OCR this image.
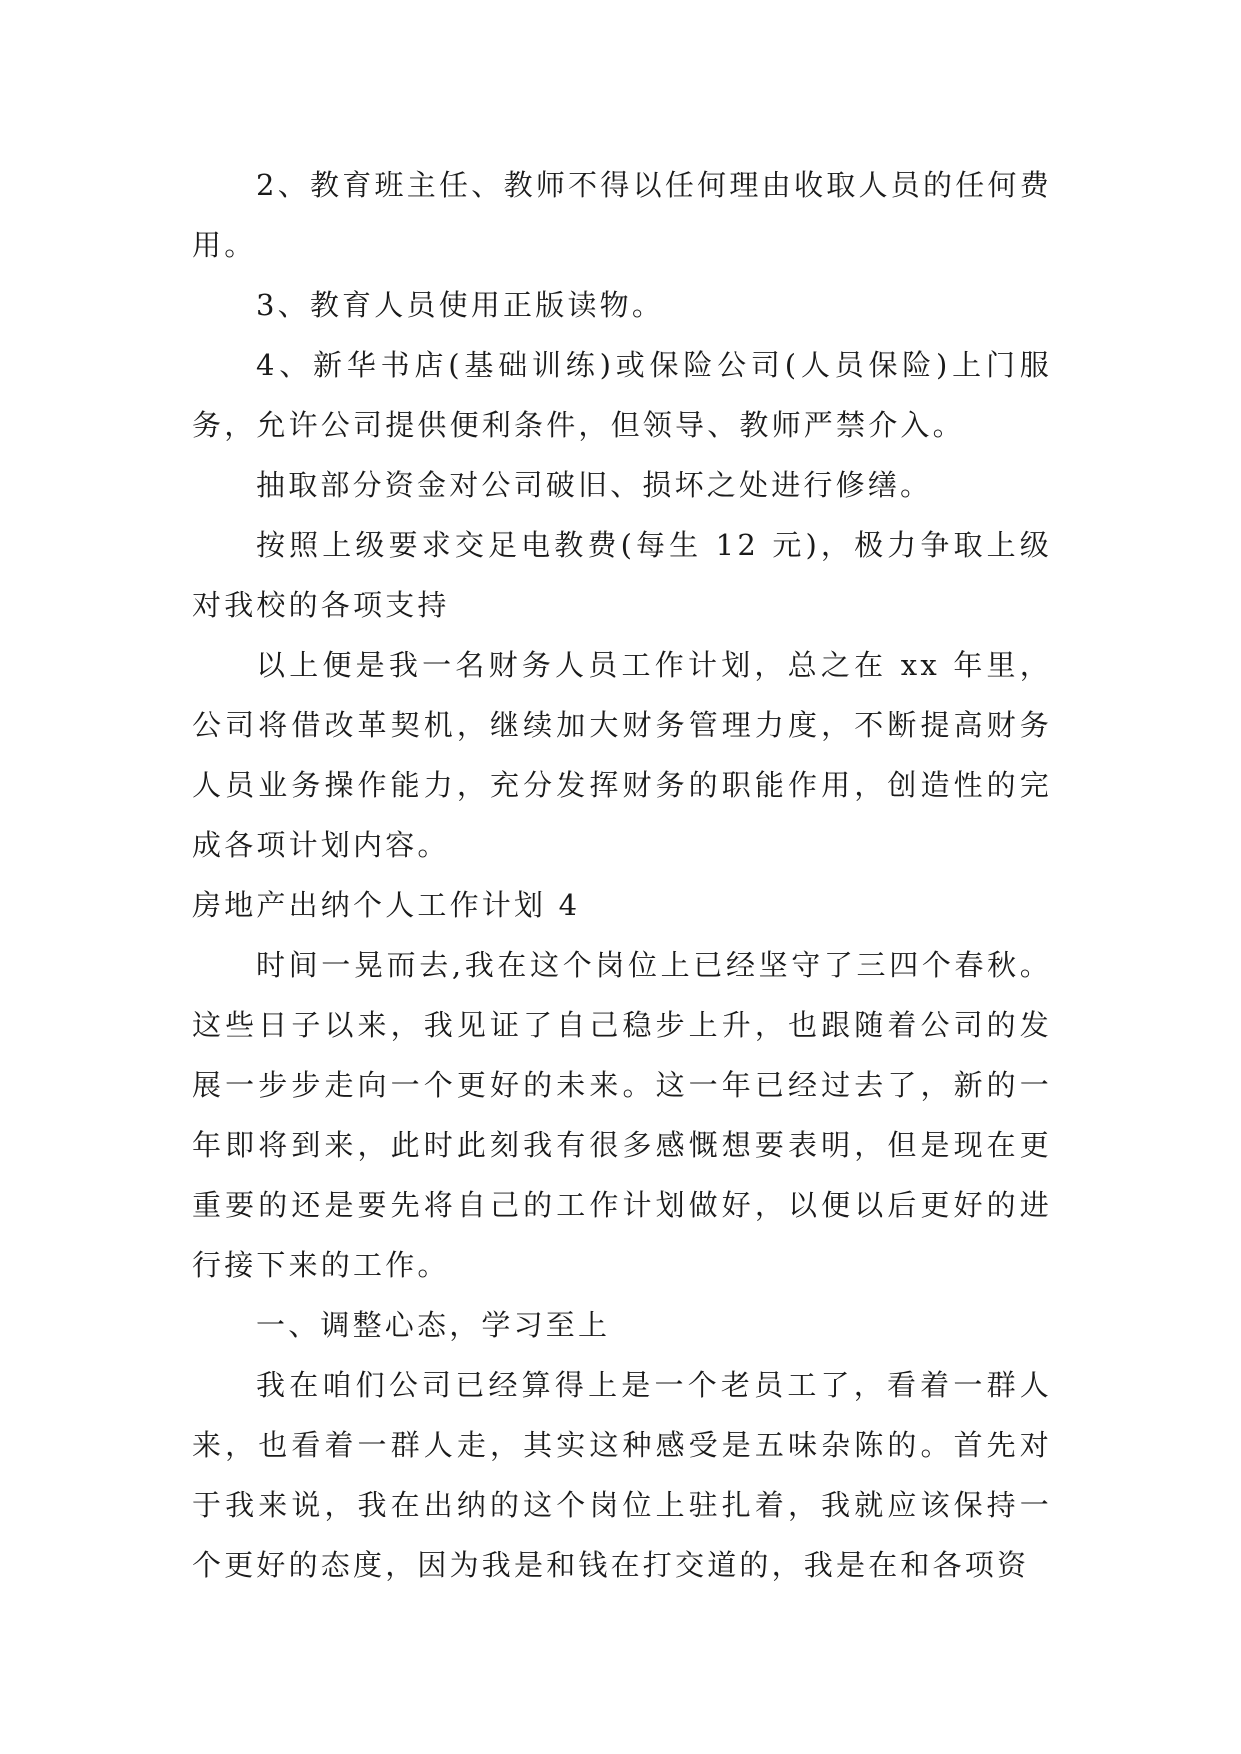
2、教育班主任、教师不得以任何理由收取人员的任何费用。

3、教育人员使用正版读物。

4、新华书店(基础训练)或保险公司(人员保险)上门服务，允许公司提供便利条件，但领导、教师严禁介入。

抽取部分资金对公司破旧、损坏之处进行修缮。

按照上级要求交足电教费(每生 12 元)，极力争取上级对我校的各项支持

以上便是我一名财务人员工作计划，总之在 xx 年里，公司将借改革契机，继续加大财务管理力度，不断提高财务人员业务操作能力，充分发挥财务的职能作用，创造性的完成各项计划内容。

房地产出纳个人工作计划 4

时间一晃而去,我在这个岗位上已经坚守了三四个春秋。这些日子以来，我见证了自己稳步上升，也跟随着公司的发展一步步走向一个更好的未来。这一年已经过去了，新的一年即将到来，此时此刻我有很多感慨想要表明，但是现在更重要的还是要先将自己的工作计划做好，以便以后更好的进行接下来的工作。

一、调整心态，学习至上

我在咱们公司已经算得上是一个老员工了，看着一群人来，也看着一群人走，其实这种感受是五味杂陈的。首先对于我来说，我在出纳的这个岗位上驻扎着，我就应该保持一个更好的态度，因为我是和钱在打交道的，我是在和各项资
